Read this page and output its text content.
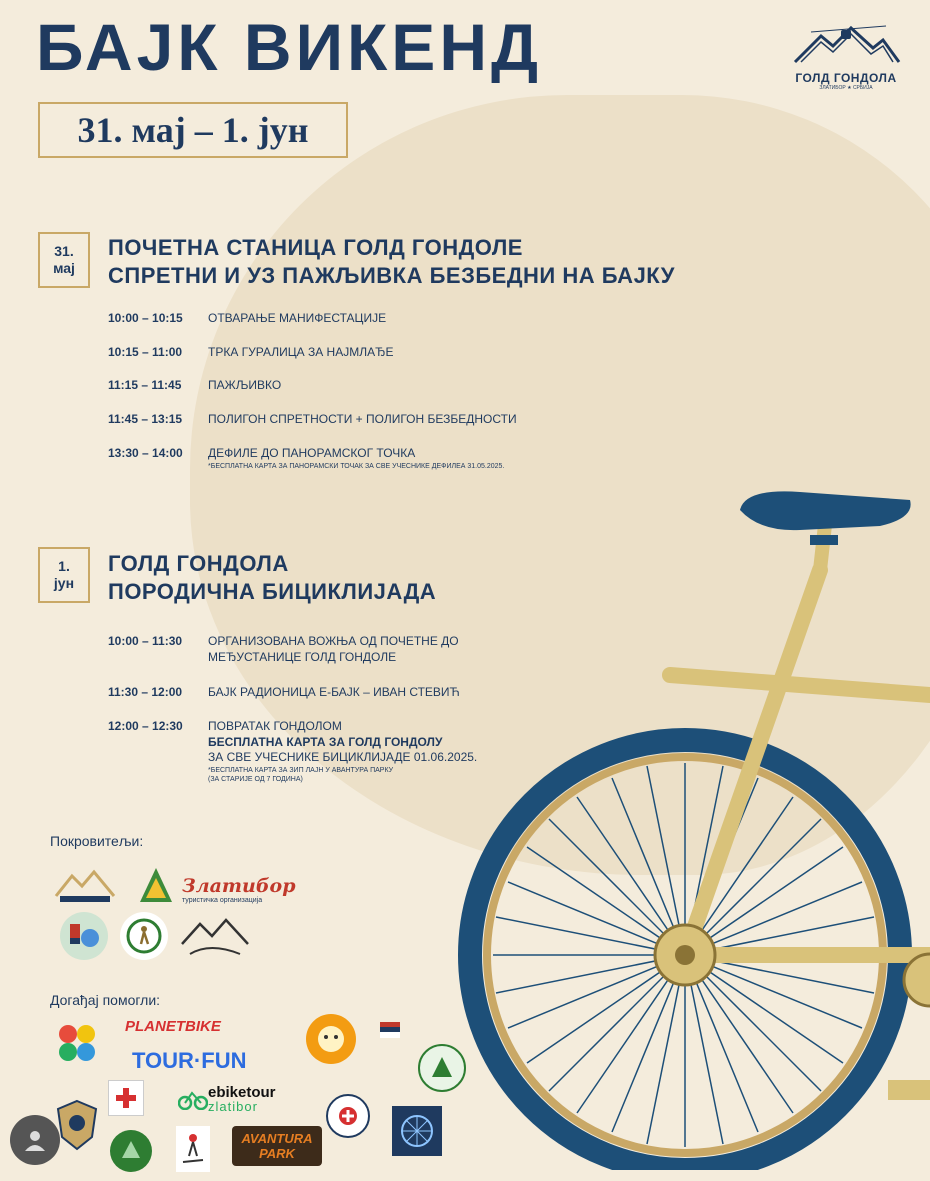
БАЈК ВИКЕНД
31. мај – 1. јун
ГОЛД ГОНДОЛА
ЗЛАТИБОР ★ СРБИЈА
31.
мај
ПОЧЕТНА СТАНИЦА ГОЛД ГОНДОЛЕ
СПРЕТНИ И УЗ ПАЖЉИВКА БЕЗБЕДНИ НА БАЈКУ
10:00 – 10:15 ОТВАРАЊЕ МАНИФЕСТАЦИЈЕ
10:15 – 11:00 ТРКА ГУРАЛИЦА ЗА НАЈМЛАЂЕ
11:15 – 11:45 ПАЖЉИВКО
11:45 – 13:15 ПОЛИГОН СПРЕТНОСТИ + ПОЛИГОН БЕЗБЕДНОСТИ
13:30 – 14:00 ДЕФИЛЕ ДО ПАНОРАМСКОГ ТОЧКА
*БЕСПЛАТНА КАРТА ЗА ПАНОРАМСКИ ТОЧАК ЗА СВЕ УЧЕСНИКЕ ДЕФИЛЕА 31.05.2025.
1.
јун
ГОЛД ГОНДОЛА
ПОРОДИЧНА БИЦИКЛИЈАДА
10:00 – 11:30 ОРГАНИЗОВАНА ВОЖЊА ОД ПОЧЕТНЕ ДО
МЕЂУСТАНИЦЕ ГОЛД ГОНДОЛЕ
11:30 – 12:00 БАЈК РАДИОНИЦА Е-БАЈК – ИВАН СТЕВИЋ
12:00 – 12:30 ПОВРАТАК ГОНДОЛОМ
БЕСПЛАТНА КАРТА ЗА ГОЛД ГОНДОЛУ
ЗА СВЕ УЧЕСНИКЕ БИЦИКЛИЈАДЕ 01.06.2025.
*БЕСПЛАТНА КАРТА ЗА ЗИП ЛАЈН У АВАНТУРА ПАРКУ
(ЗА СТАРИЈЕ ОД 7 ГОДИНА)
Покровитељи:
Златибор
туристичка организација
Догађај помогли:
PLANETBIKE
TOUR·FUN
ebiketour
zlatibor
AVANTURA PARK
